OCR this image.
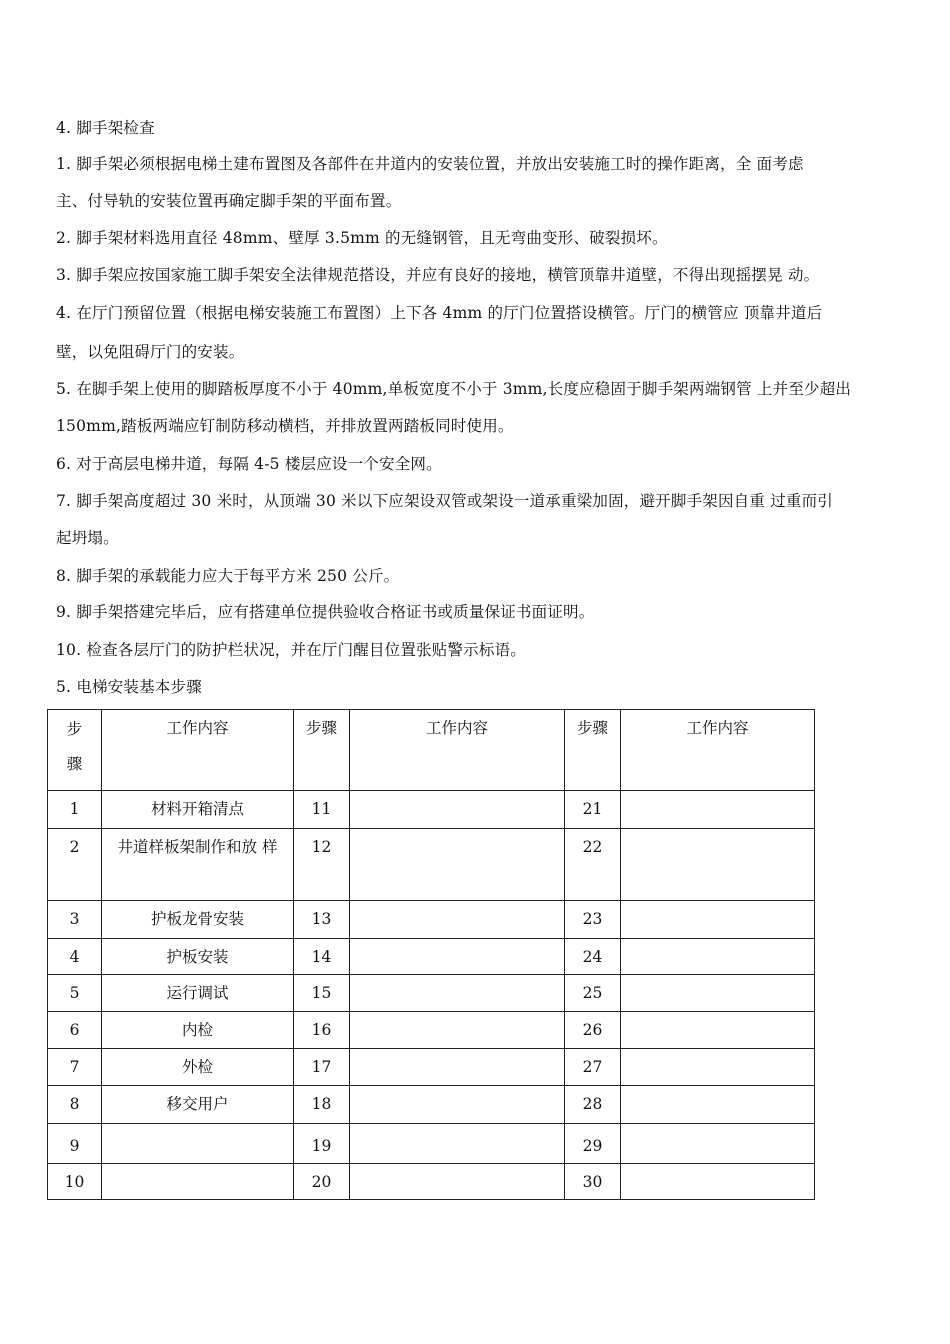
4. 脚手架检查
1. 脚手架必须根据电梯土建布置图及各部件在井道内的安装位置，并放出安装施工时的操作距离，全 面考虑
主、付导轨的安装位置再确定脚手架的平面布置。
2. 脚手架材料选用直径 48mm、壁厚 3.5mm 的无缝钢管，且无弯曲变形、破裂损坏。
3. 脚手架应按国家施工脚手架安全法律规范搭设，并应有良好的接地，横管顶靠井道壁，不得出现摇摆晃 动。
4. 在厅门预留位置（根据电梯安装施工布置图）上下各 4mm 的厅门位置搭设横管。厅门的横管应 顶靠井道后
壁，以免阻碍厅门的安装。
5. 在脚手架上使用的脚踏板厚度不小于 40mm,单板宽度不小于 3mm,长度应稳固于脚手架两端钢管 上并至少超出
150mm,踏板两端应钉制防移动横档，并排放置两踏板同时使用。
6. 对于高层电梯井道，每隔 4-5 楼层应设一个安全网。
7. 脚手架高度超过 30 米时，从顶端 30 米以下应架设双管或架设一道承重梁加固，避开脚手架因自重 过重而引
起坍塌。
8. 脚手架的承载能力应大于每平方米 250 公斤。
9. 脚手架搭建完毕后，应有搭建单位提供验收合格证书或质量保证书面证明。
10. 检查各层厅门的防护栏状况，并在厅门醒目位置张贴警示标语。
5. 电梯安装基本步骤
步
骤	工作内容	步骤	工作内容	步骤	工作内容
1	材料开箱清点	11		21	
2	井道样板架制作和放 样	12		22	
3	护板龙骨安装	13		23	
4	护板安装	14		24	
5	运行调试	15		25	
6	内检	16		26	
7	外检	17		27	
8	移交用户	18		28	
9		19		29	
10		20		30	
